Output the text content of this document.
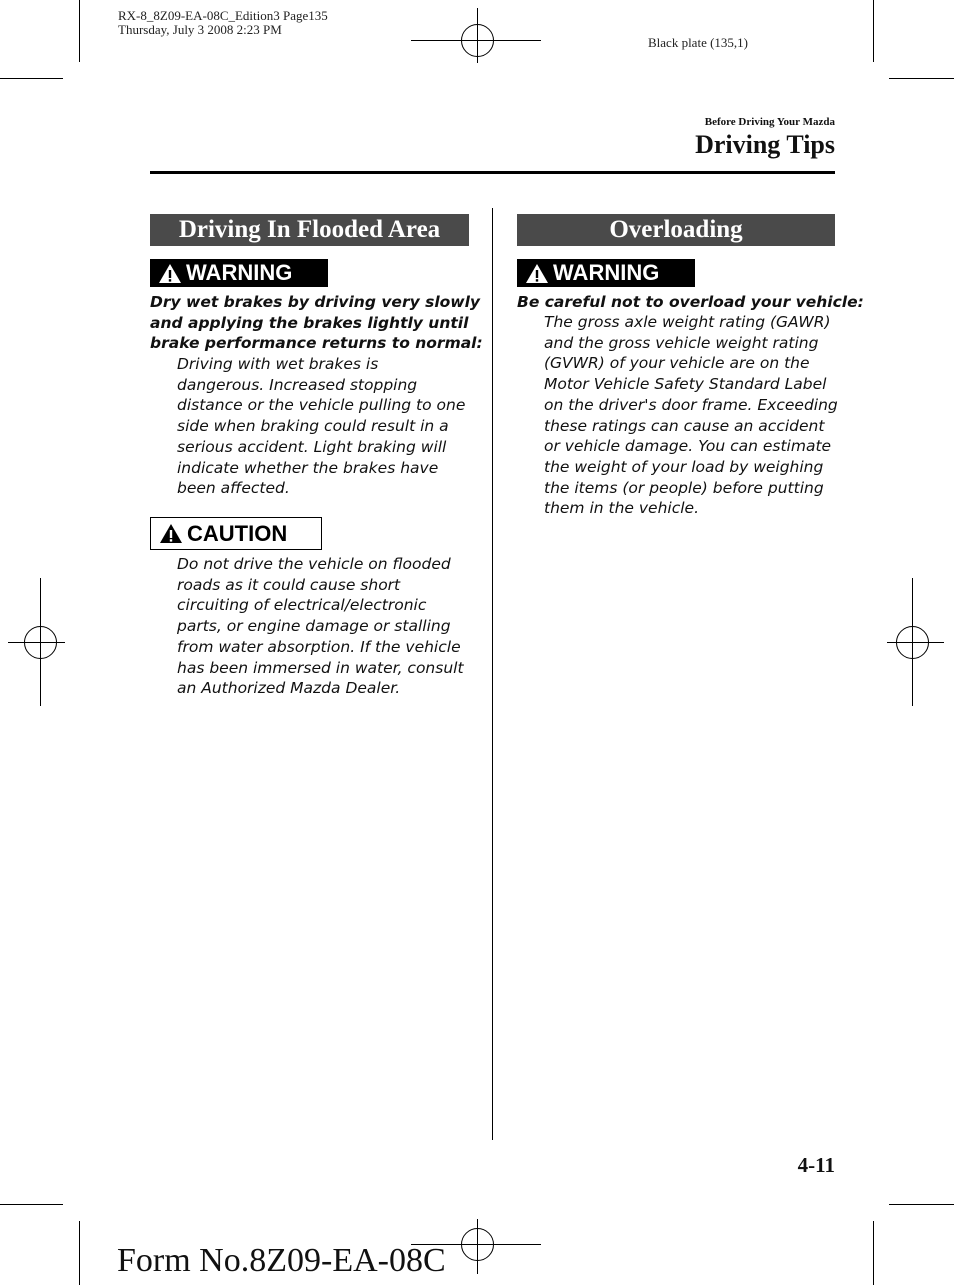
RX-8_8Z09-EA-08C_Edition3 Page135
Thursday, July 3 2008 2:23 PM
Black plate (135,1)
Before Driving Your Mazda
Driving Tips
Driving In Flooded Area
WARNING
Dry wet brakes by driving very slowly
and applying the brakes lightly until
brake performance returns to normal:
Driving with wet brakes is
dangerous. Increased stopping
distance or the vehicle pulling to one
side when braking could result in a
serious accident. Light braking will
indicate whether the brakes have
been affected.
CAUTION
Do not drive the vehicle on flooded
roads as it could cause short
circuiting of electrical/electronic
parts, or engine damage or stalling
from water absorption. If the vehicle
has been immersed in water, consult
an Authorized Mazda Dealer.
Overloading
WARNING
Be careful not to overload your vehicle:
The gross axle weight rating (GAWR)
and the gross vehicle weight rating
(GVWR) of your vehicle are on the
Motor Vehicle Safety Standard Label
on the driver's door frame. Exceeding
these ratings can cause an accident
or vehicle damage. You can estimate
the weight of your load by weighing
the items (or people) before putting
them in the vehicle.
4-11
Form No.8Z09-EA-08C
